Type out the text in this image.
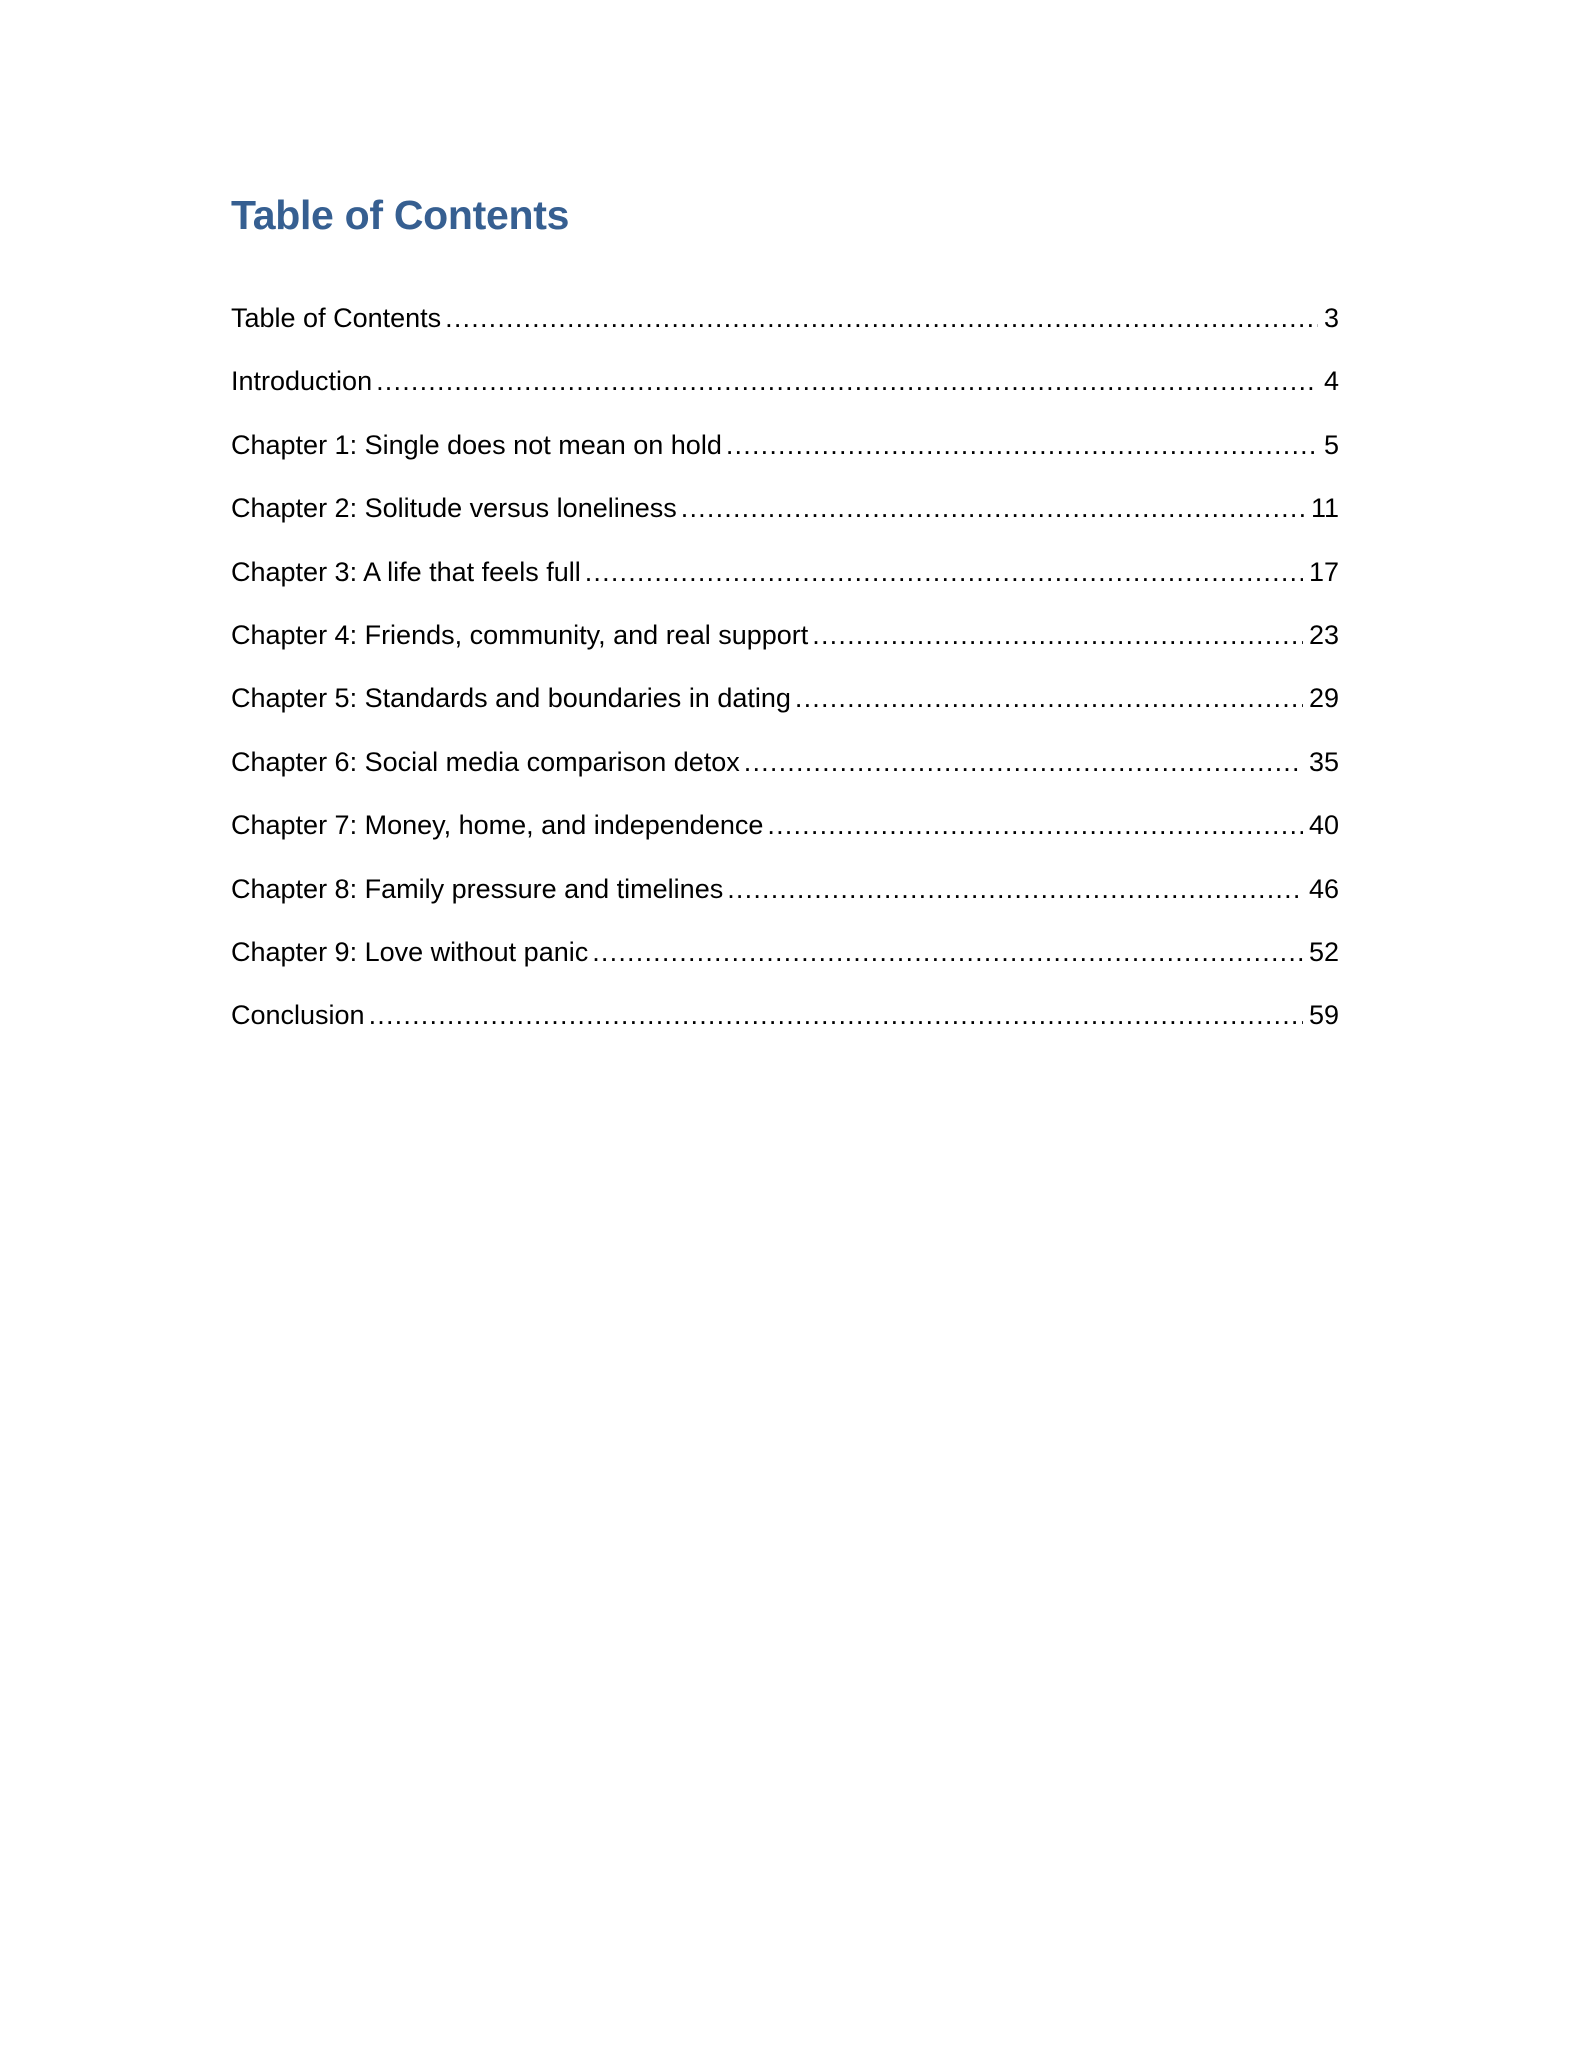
Table of Contents
Table of Contents .....	3
Introduction .....	4
Chapter 1: Single does not mean on hold .....	5
Chapter 2: Solitude versus loneliness .....	11
Chapter 3: A life that feels full .....	17
Chapter 4: Friends, community, and real support .....	23
Chapter 5: Standards and boundaries in dating .....	29
Chapter 6: Social media comparison detox .....	35
Chapter 7: Money, home, and independence .....	40
Chapter 8: Family pressure and timelines .....	46
Chapter 9: Love without panic .....	52
Conclusion .....	59
